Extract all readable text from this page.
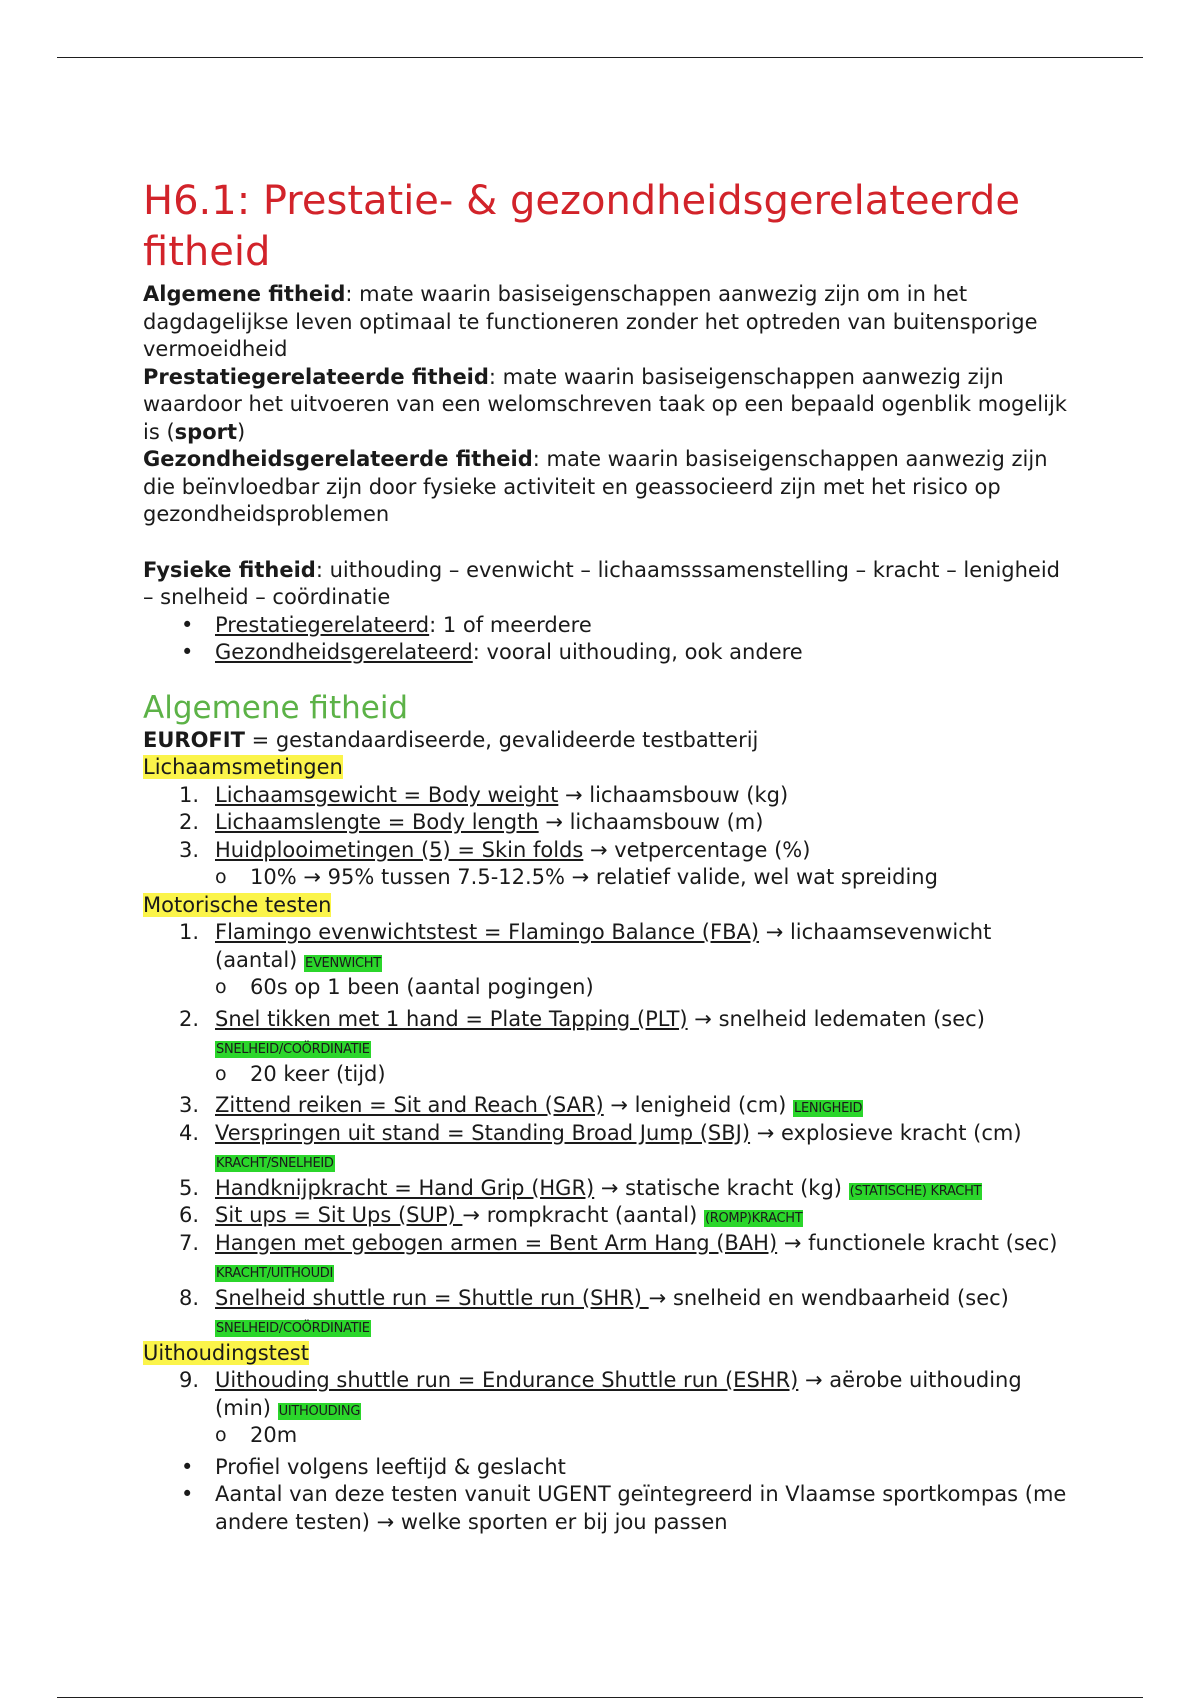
H6.1: Prestatie- & gezondheidsgerelateerde fitheid

Algemene fitheid: mate waarin basiseigenschappen aanwezig zijn om in het dagdagelijkse leven optimaal te functioneren zonder het optreden van buitensporige vermoeidheid

Prestatiegerelateerde fitheid: mate waarin basiseigenschappen aanwezig zijn waardoor het uitvoeren van een welomschreven taak op een bepaald ogenblik mogelijk is (sport)

Gezondheidsgerelateerde fitheid: mate waarin basiseigenschappen aanwezig zijn die beïnvloedbar zijn door fysieke activiteit en geassocieerd zijn met het risico op gezondheidsproblemen

Fysieke fitheid: uithouding – evenwicht – lichaamsssamenstelling – kracht – lenigheid – snelheid – coördinatie

• Prestatiegerelateerd: 1 of meerdere
• Gezondheidsgerelateerd: vooral uithouding, ook andere
Algemene fitheid

EUROFIT = gestandaardiseerde, gevalideerde testbatterij

Lichaamsmetingen

1. Lichaamsgewicht = Body weight → lichaamsbouw (kg)
2. Lichaamslengte = Body length → lichaamsbouw (m)
3. Huidplooimetingen (5) = Skin folds → vetpercentage (%)

o 10% → 95% tussen 7.5-12.5% → relatief valide, wel wat spreiding

Motorische testen

1. Flamingo evenwichtstest = Flamingo Balance (FBA) → lichaamsevenwicht (aantal) EVENWICHT

o 60s op 1 been (aantal pogingen)

2. Snel tikken met 1 hand = Plate Tapping (PLT) → snelheid ledematen (sec) SNELHEID/COÖRDINATIE

o 20 keer (tijd)

3. Zittend reiken = Sit and Reach (SAR) → lenigheid (cm) LENIGHEID
4. Verspringen uit stand = Standing Broad Jump (SBJ) → explosieve kracht (cm) KRACHT/SNELHEID
5. Handknijpkracht = Hand Grip (HGR) → statische kracht (kg) (STATISCHE) KRACHT
6. Sit ups = Sit Ups (SUP) → rompkracht (aantal) (ROMP)KRACHT
7. Hangen met gebogen armen = Bent Arm Hang (BAH) → functionele kracht (sec) KRACHT/UITHOUDI
8. Snelheid shuttle run = Shuttle run (SHR) → snelheid en wendbaarheid (sec) SNELHEID/COÖRDINATIE

Uithoudingstest

9. Uithouding shuttle run = Endurance Shuttle run (ESHR) → aërobe uithouding (min) UITHOUDING

o 20m

• Profiel volgens leeftijd & geslacht
• Aantal van deze testen vanuit UGENT geïntegreerd in Vlaamse sportkompas (me andere testen) → welke sporten er bij jou passen
